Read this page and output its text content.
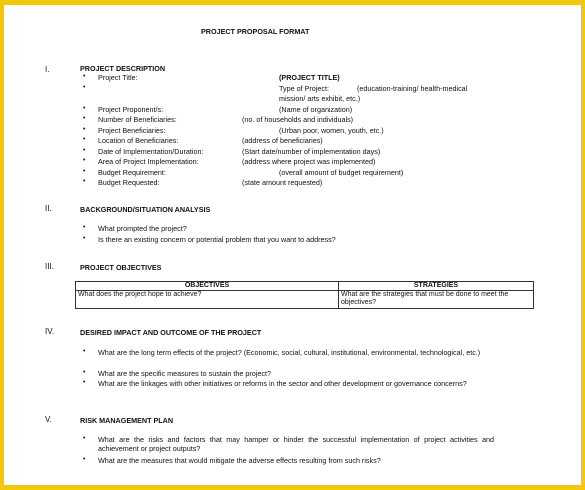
PROJECT PROPOSAL FORMAT
I.	PROJECT DESCRIPTION
• Project Title:	(PROJECT TITLE)
•	Type of Project:	(education-training/ health-medical
mission/ arts exhibit, etc.)
• Project Proponent/s:	(Name of organization)
• Number of Beneficiaries:	(no. of households and individuals)
• Project Beneficiaries:	(Urban poor, women, youth, etc.)
• Location of Beneficiaries:	(address of beneficiaries)
• Date of Implementation/Duration:	(Start date/number of implementation days)
• Area of Project Implementation:	(address where project was implemented)
• Budget Requirement:	(overall amount of budget requirement)
• Budget Requested:	(state amount requested)
II.	BACKGROUND/SITUATION ANALYSIS
• What prompted the project?
• Is there an existing concern or potential problem that you want to address?
III.	PROJECT OBJECTIVES
OBJECTIVES	STRATEGIES
What does the project hope to achieve?	What are the strategies that must be done to meet the objectives?
IV.	DESIRED IMPACT AND OUTCOME OF THE PROJECT
• What are the long term effects of the project? (Economic, social, cultural, institutional, environmental, technological, etc.)
• What are the specific measures to sustain the project?
• What are the linkages with other initiatives or reforms in the sector and other development or governance concerns?
V.	RISK MANAGEMENT PLAN
• What are the risks and factors that may hamper or hinder the successful implementation of project activities and achievement or project outputs?
• What are the measures that would mitigate the adverse effects resulting from such risks?
